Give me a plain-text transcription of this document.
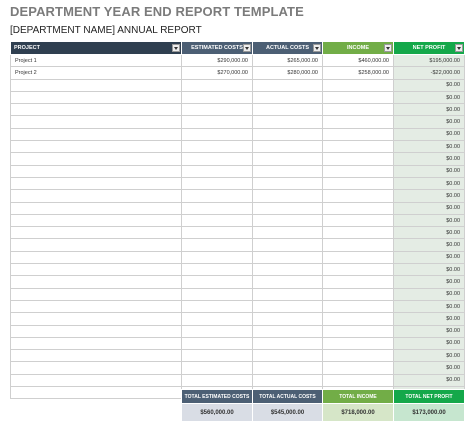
DEPARTMENT YEAR END REPORT TEMPLATE
[DEPARTMENT NAME] ANNUAL REPORT
PROJECT	ESTIMATED COSTS	ACTUAL COSTS	INCOME	NET PROFIT

Project 1	$290,000.00	$265,000.00	$460,000.00	$195,000.00
Project 2	$270,000.00	$280,000.00	$258,000.00	-$22,000.00
				$0.00
				$0.00
				$0.00
				$0.00
				$0.00
				$0.00
				$0.00
				$0.00
				$0.00
				$0.00
				$0.00
				$0.00
				$0.00
				$0.00
				$0.00
				$0.00
				$0.00
				$0.00
				$0.00
				$0.00
				$0.00
				$0.00
				$0.00
				$0.00
				$0.00

TOTAL ESTIMATED COSTS	TOTAL ACTUAL COSTS	TOTAL INCOME	TOTAL NET PROFIT
$560,000.00	$545,000.00	$718,000.00	$173,000.00
